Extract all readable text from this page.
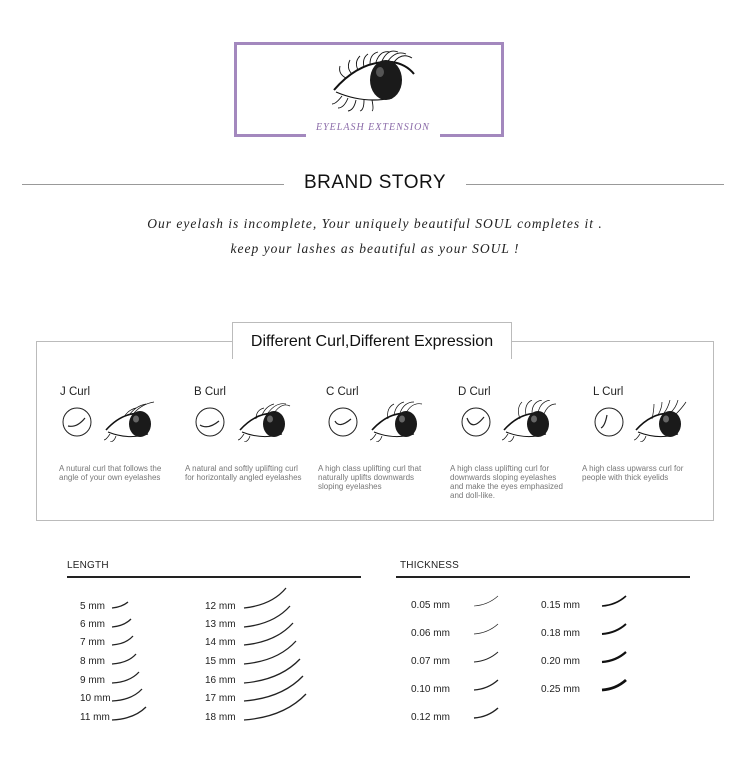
EYELASH EXTENSION
BRAND STORY
Our eyelash is incomplete, Your uniquely beautiful SOUL completes it .
keep your lashes as beautiful as your SOUL !
Different Curl,Different Expression
J Curl	B Curl	C Curl	D Curl	L Curl
A nutural curl that follows the angle of your own eyelashes
A natural and softly uplifting curl for horizontally angled eyelashes
A high class uplifting curl that naturally uplifts downwards sloping eyelashes
A high class uplifting curl for downwards sloping eyelashes and make the eyes emphasized and doll-like.
A high class upwarss curl for people with thick eyelids
LENGTH
5 mm
6 mm
7 mm
8 mm
9 mm
10 mm
11 mm
12 mm
13 mm
14 mm
15 mm
16 mm
17 mm
18 mm
THICKNESS
0.05 mm
0.06 mm
0.07 mm
0.10 mm
0.12 mm
0.15 mm
0.18 mm
0.20 mm
0.25 mm
